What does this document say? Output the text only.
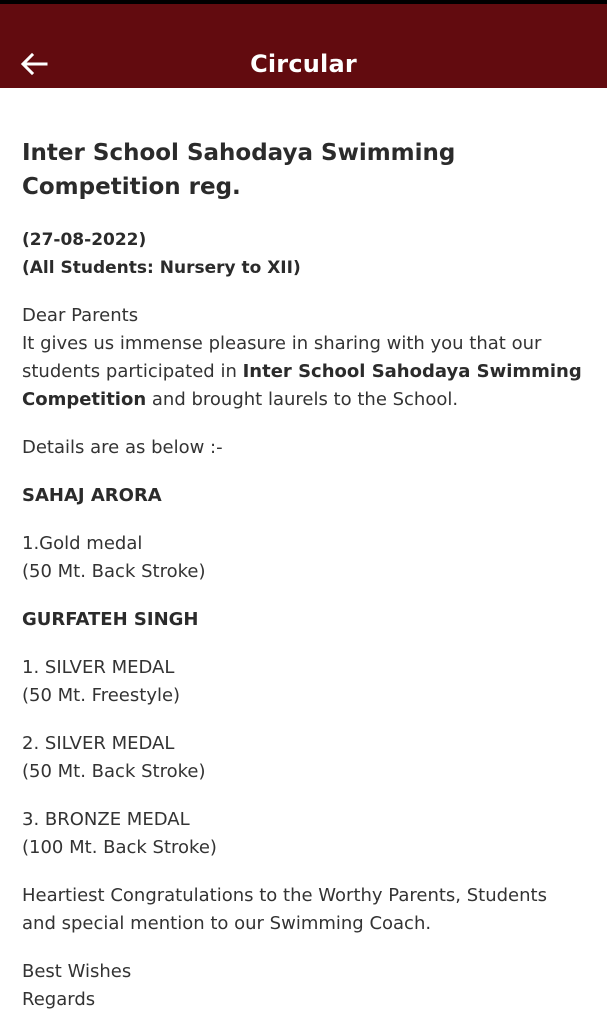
Circular
Inter School Sahodaya Swimming Competition reg.
(27-08-2022)
(All Students: Nursery to XII)
Dear Parents
It gives us immense pleasure in sharing with you that our students participated in Inter School Sahodaya Swimming Competition and brought laurels to the School.
Details are as below :-
SAHAJ ARORA
1.Gold medal
(50 Mt. Back Stroke)
GURFATEH SINGH
1. SILVER MEDAL
(50 Mt. Freestyle)
2. SILVER MEDAL
(50 Mt. Back Stroke)
3. BRONZE MEDAL
(100 Mt. Back Stroke)
Heartiest Congratulations to the Worthy Parents, Students and special mention to our Swimming Coach.
Best Wishes
Regards
